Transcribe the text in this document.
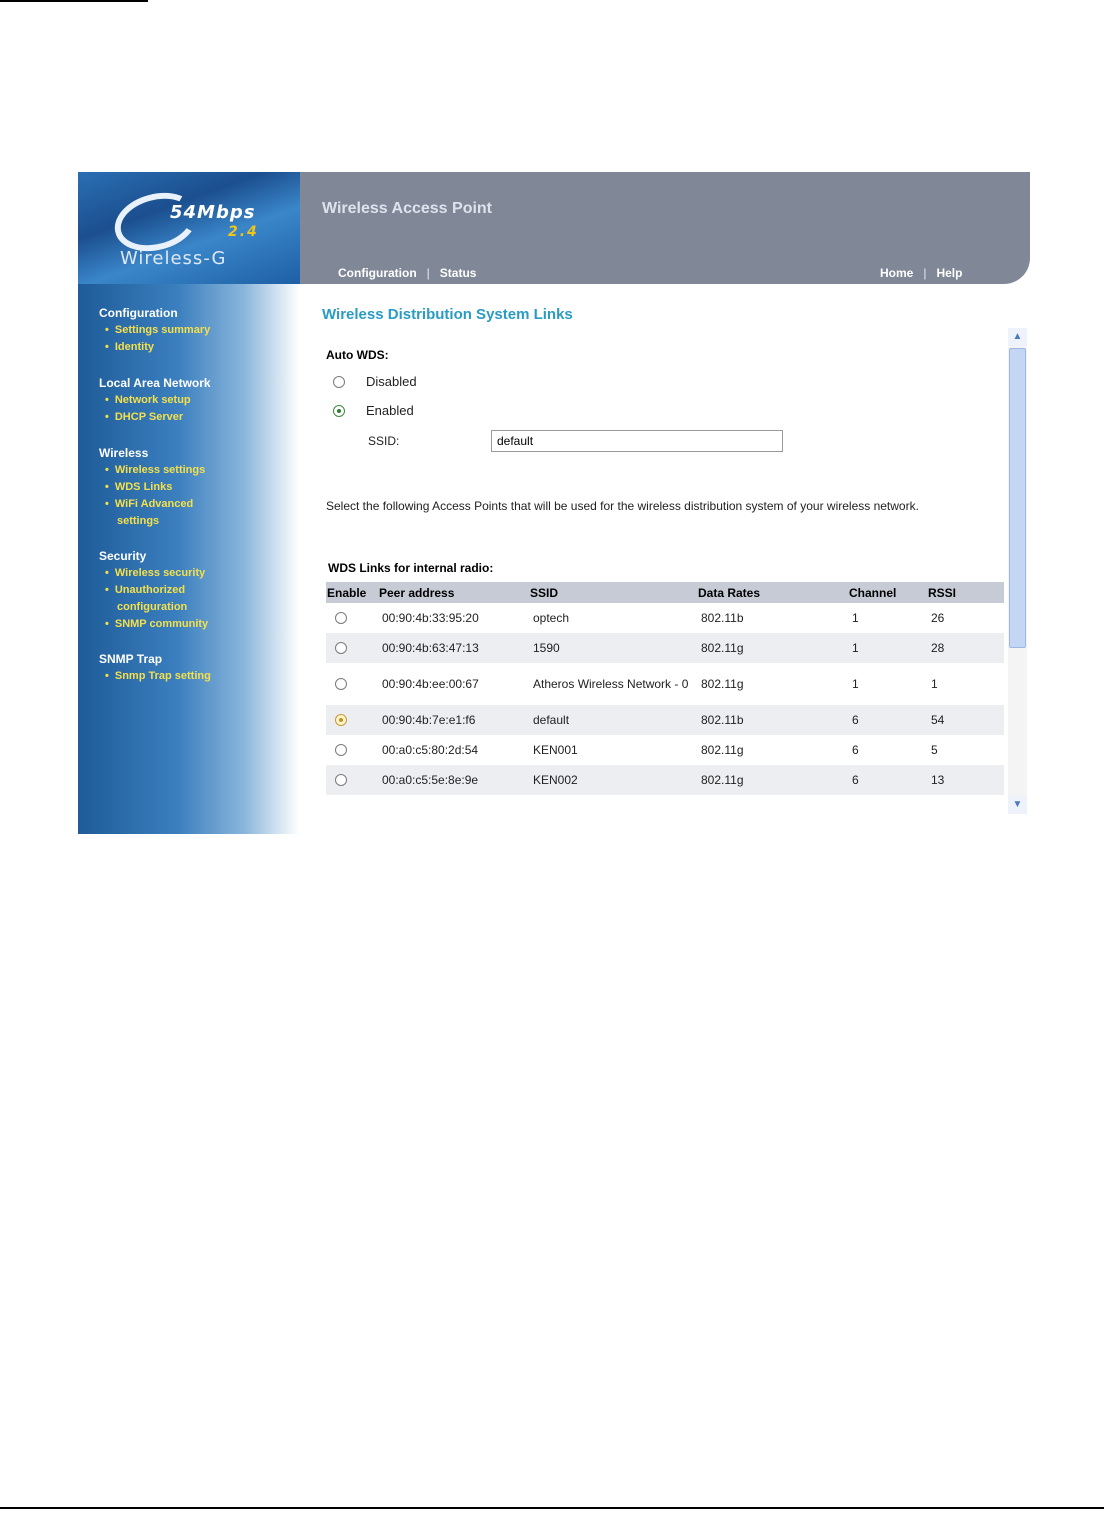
54Mbps
2.4
Wireless-G
Wireless Access Point
Configuration | Status	Home | Help
Configuration
• Settings summary
• Identity
Local Area Network
• Network setup
• DHCP Server
Wireless
• Wireless settings
• WDS Links
• WiFi Advanced
settings
Security
• Wireless security
• Unauthorized
configuration
• SNMP community
SNMP Trap
• Snmp Trap setting
Wireless Distribution System Links
Auto WDS:
Disabled
Enabled
SSID:
default
Select the following Access Points that will be used for the wireless distribution system of your wireless network.
WDS Links for internal radio:
Enable	Peer address	SSID	Data Rates	Channel	RSSI

	00:90:4b:33:95:20	optech	802.11b	1	26

	00:90:4b:63:47:13	1590	802.11g	1	28

	00:90:4b:ee:00:67	Atheros Wireless Network - 0	802.11g	1	1

	00:90:4b:7e:e1:f6	default	802.11b	6	54

	00:a0:c5:80:2d:54	KEN001	802.11g	6	5

	00:a0:c5:5e:8e:9e	KEN002	802.11g	6	13
▲
▼
